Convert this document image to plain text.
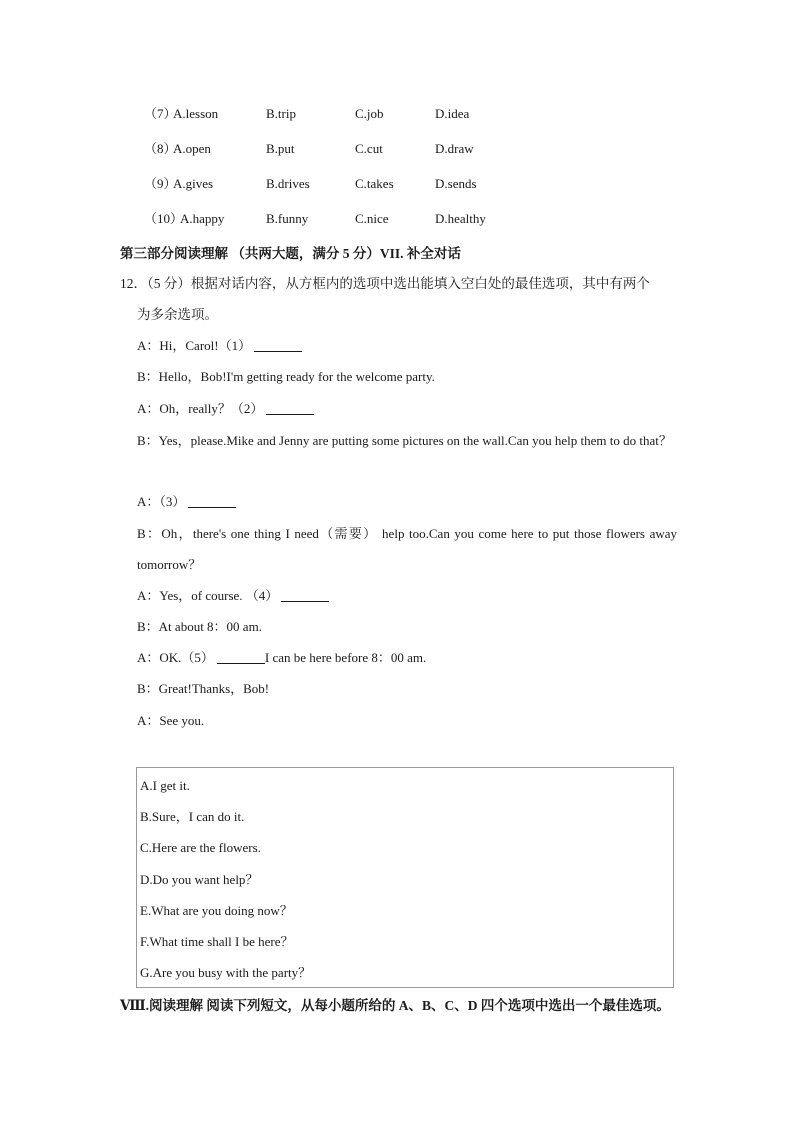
（7）
A.lesson	B.trip	C.job	D.idea
（8）
A.open	B.put	C.cut	D.draw
（9）
A.gives	B.drives	C.takes	D.sends
（10）
A.happy	B.funny	C.nice	D.healthy
第三部分阅读理解 （共两大题，满分 5 分）VII. 补全对话
12．（5 分）根据对话内容，从方框内的选项中选出能填入空白处的最佳选项，其中有两个
为多余选项。
A：Hi，Carol!（1）
B：Hello，Bob!I'm getting ready for the welcome party.
A：Oh，really？（2）
B：Yes，please.Mike and Jenny are putting some pictures on the wall.Can you help them to do that？
A：（3）
B：Oh，there's one thing I need（需要） help too.Can you come here to put those flowers away tomorrow？
A：Yes，of course. （4）
B：At about 8：00 am.
A：OK.（5）	I can be here before 8：00 am.
B：Great!Thanks，Bob!
A：See you.
A.I get it.
B.Sure，I can do it.
C.Here are the flowers.
D.Do you want help？
E.What are you doing now？
F.What time shall I be here？
G.Are you busy with the party？
Ⅷ.阅读理解 阅读下列短文，从每小题所给的 A、B、C、D 四个选项中选出一个最佳选项。
